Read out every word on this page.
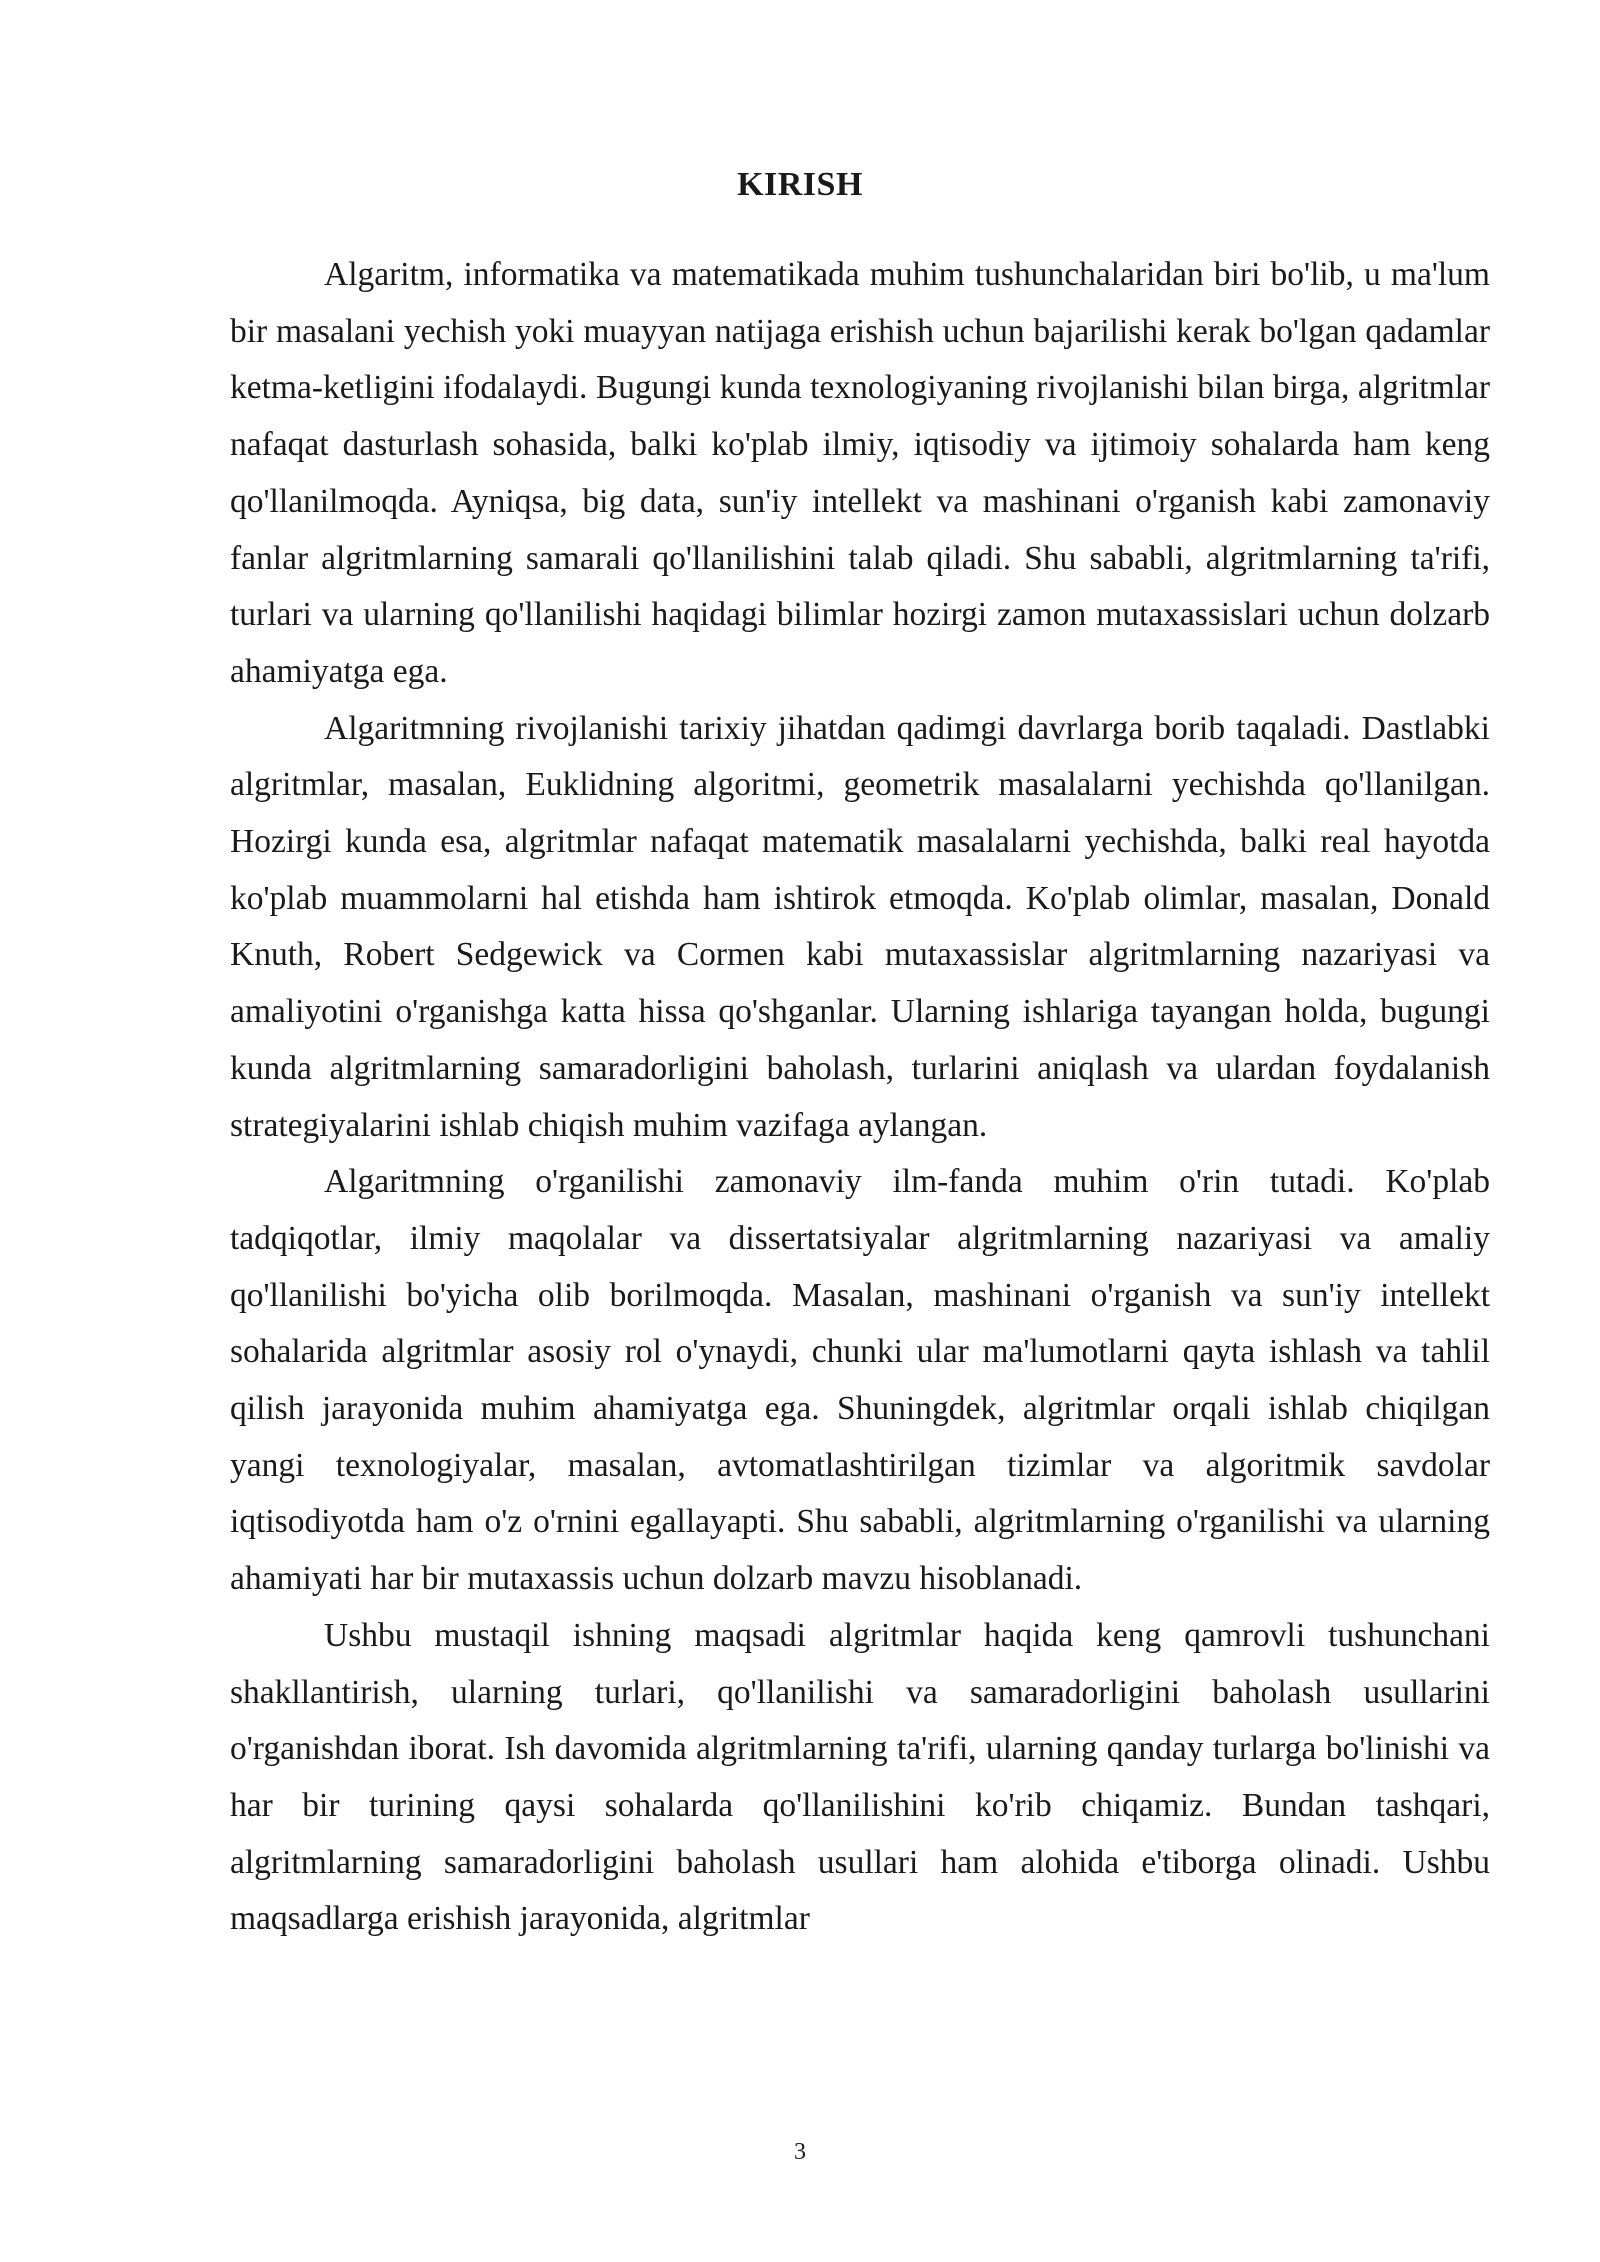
KIRISH

Algaritm, informatika va matematikada muhim tushunchalaridan biri bo'lib, u ma'lum bir masalani yechish yoki muayyan natijaga erishish uchun bajarilishi kerak bo'lgan qadamlar ketma-ketligini ifodalaydi. Bugungi kunda texnologiyaning rivojlanishi bilan birga, algritmlar nafaqat dasturlash sohasida, balki ko'plab ilmiy, iqtisodiy va ijtimoiy sohalarda ham keng qo'llanilmoqda. Ayniqsa, big data, sun'iy intellekt va mashinani o'rganish kabi zamonaviy fanlar algritmlarning samarali qo'llanilishini talab qiladi. Shu sababli, algritmlarning ta'rifi, turlari va ularning qo'llanilishi haqidagi bilimlar hozirgi zamon mutaxassislari uchun dolzarb ahamiyatga ega.

Algaritmning rivojlanishi tarixiy jihatdan qadimgi davrlarga borib taqaladi. Dastlabki algritmlar, masalan, Euklidning algoritmi, geometrik masalalarni yechishda qo'llanilgan. Hozirgi kunda esa, algritmlar nafaqat matematik masalalarni yechishda, balki real hayotda ko'plab muammolarni hal etishda ham ishtirok etmoqda. Ko'plab olimlar, masalan, Donald Knuth, Robert Sedgewick va Cormen kabi mutaxassislar algritmlarning nazariyasi va amaliyotini o'rganishga katta hissa qo'shganlar. Ularning ishlariga tayangan holda, bugungi kunda algritmlarning samaradorligini baholash, turlarini aniqlash va ulardan foydalanish strategiyalarini ishlab chiqish muhim vazifaga aylangan.

Algaritmning o'rganilishi zamonaviy ilm-fanda muhim o'rin tutadi. Ko'plab tadqiqotlar, ilmiy maqolalar va dissertatsiyalar algritmlarning nazariyasi va amaliy qo'llanilishi bo'yicha olib borilmoqda. Masalan, mashinani o'rganish va sun'iy intellekt sohalarida algritmlar asosiy rol o'ynaydi, chunki ular ma'lumotlarni qayta ishlash va tahlil qilish jarayonida muhim ahamiyatga ega. Shuningdek, algritmlar orqali ishlab chiqilgan yangi texnologiyalar, masalan, avtomatlashtirilgan tizimlar va algoritmik savdolar iqtisodiyotda ham o'z o'rnini egallayapti. Shu sababli, algritmlarning o'rganilishi va ularning ahamiyati har bir mutaxassis uchun dolzarb mavzu hisoblanadi.

Ushbu mustaqil ishning maqsadi algritmlar haqida keng qamrovli tushunchani shakllantirish, ularning turlari, qo'llanilishi va samaradorligini baholash usullarini o'rganishdan iborat. Ish davomida algritmlarning ta'rifi, ularning qanday turlarga bo'linishi va har bir turining qaysi sohalarda qo'llanilishini ko'rib chiqamiz. Bundan tashqari, algritmlarning samaradorligini baholash usullari ham alohida e'tiborga olinadi. Ushbu maqsadlarga erishish jarayonida, algritmlar

3
